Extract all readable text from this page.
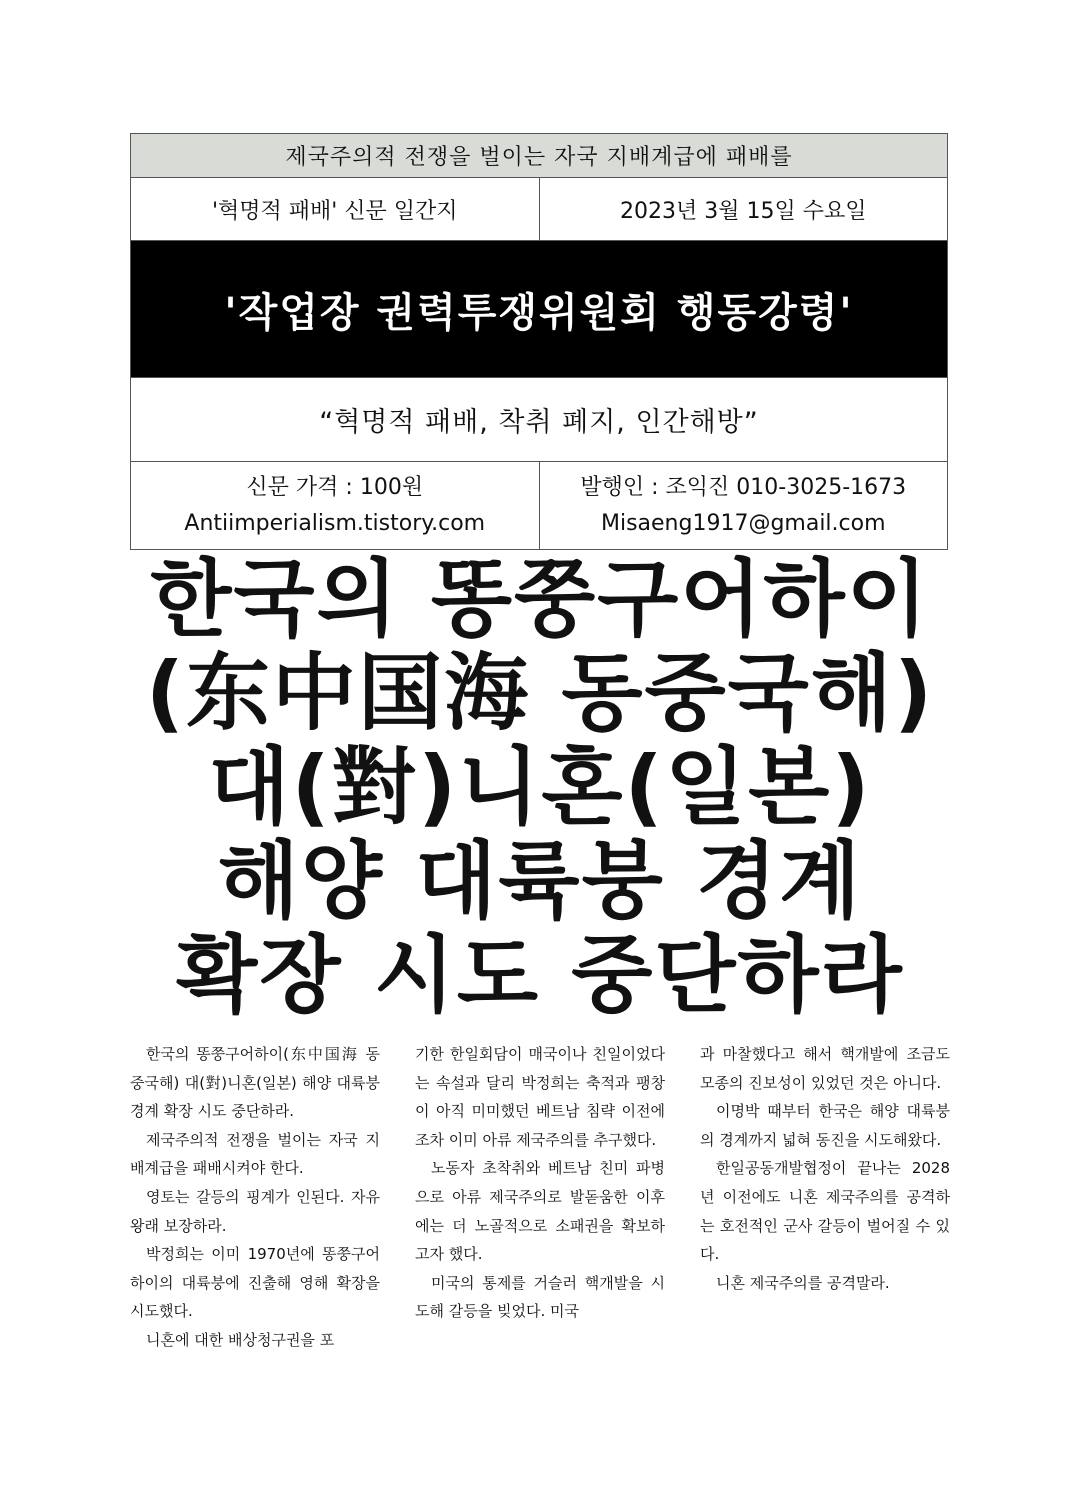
제국주의적 전쟁을 벌이는 자국 지배계급에 패배를
'혁명적 패배' 신문 일간지	2023년 3월 15일 수요일
'작업장 권력투쟁위원회 행동강령'
“혁명적 패배, 착취 폐지, 인간해방”
신문 가격 : 100원
Antiimperialism.tistory.com
발행인 : 조익진 010-3025-1673
Misaeng1917@gmail.com
한국의 똥쭝구어하이
(东中国海 동중국해)
대(對)니혼(일본)
해양 대륙붕 경계
확장 시도 중단하라

한국의 똥쭝구어하이(东中国海 동중국해) 대(對)니혼(일본) 해양 대륙붕 경계 확장 시도 중단하라.

제국주의적 전쟁을 벌이는 자국 지배계급을 패배시켜야 한다.

영토는 갈등의 핑계가 인된다. 자유왕래 보장하라.

박정희는 이미 1970년에 똥쭝구어하이의 대륙붕에 진출해 영해 확장을 시도했다.

니혼에 대한 배상청구권을 포

기한 한일회담이 매국이나 친일이었다는 속설과 달리 박정희는 축적과 팽창이 아직 미미했던 베트남 침략 이전에조차 이미 아류 제국주의를 추구했다.

노동자 초착취와 베트남 친미 파병으로 아류 제국주의로 발돋움한 이후에는 더 노골적으로 소패권을 확보하고자 했다.

미국의 통제를 거슬러 핵개발을 시도해 갈등을 빚었다. 미국

과 마찰했다고 해서 핵개발에 조금도 모종의 진보성이 있었던 것은 아니다.

이명박 때부터 한국은 해양 대륙붕의 경계까지 넓혀 동진을 시도해왔다.

한일공동개발협정이 끝나는 2028년 이전에도 니혼 제국주의를 공격하는 호전적인 군사 갈등이 벌어질 수 있다.

니혼 제국주의를 공격말라.
